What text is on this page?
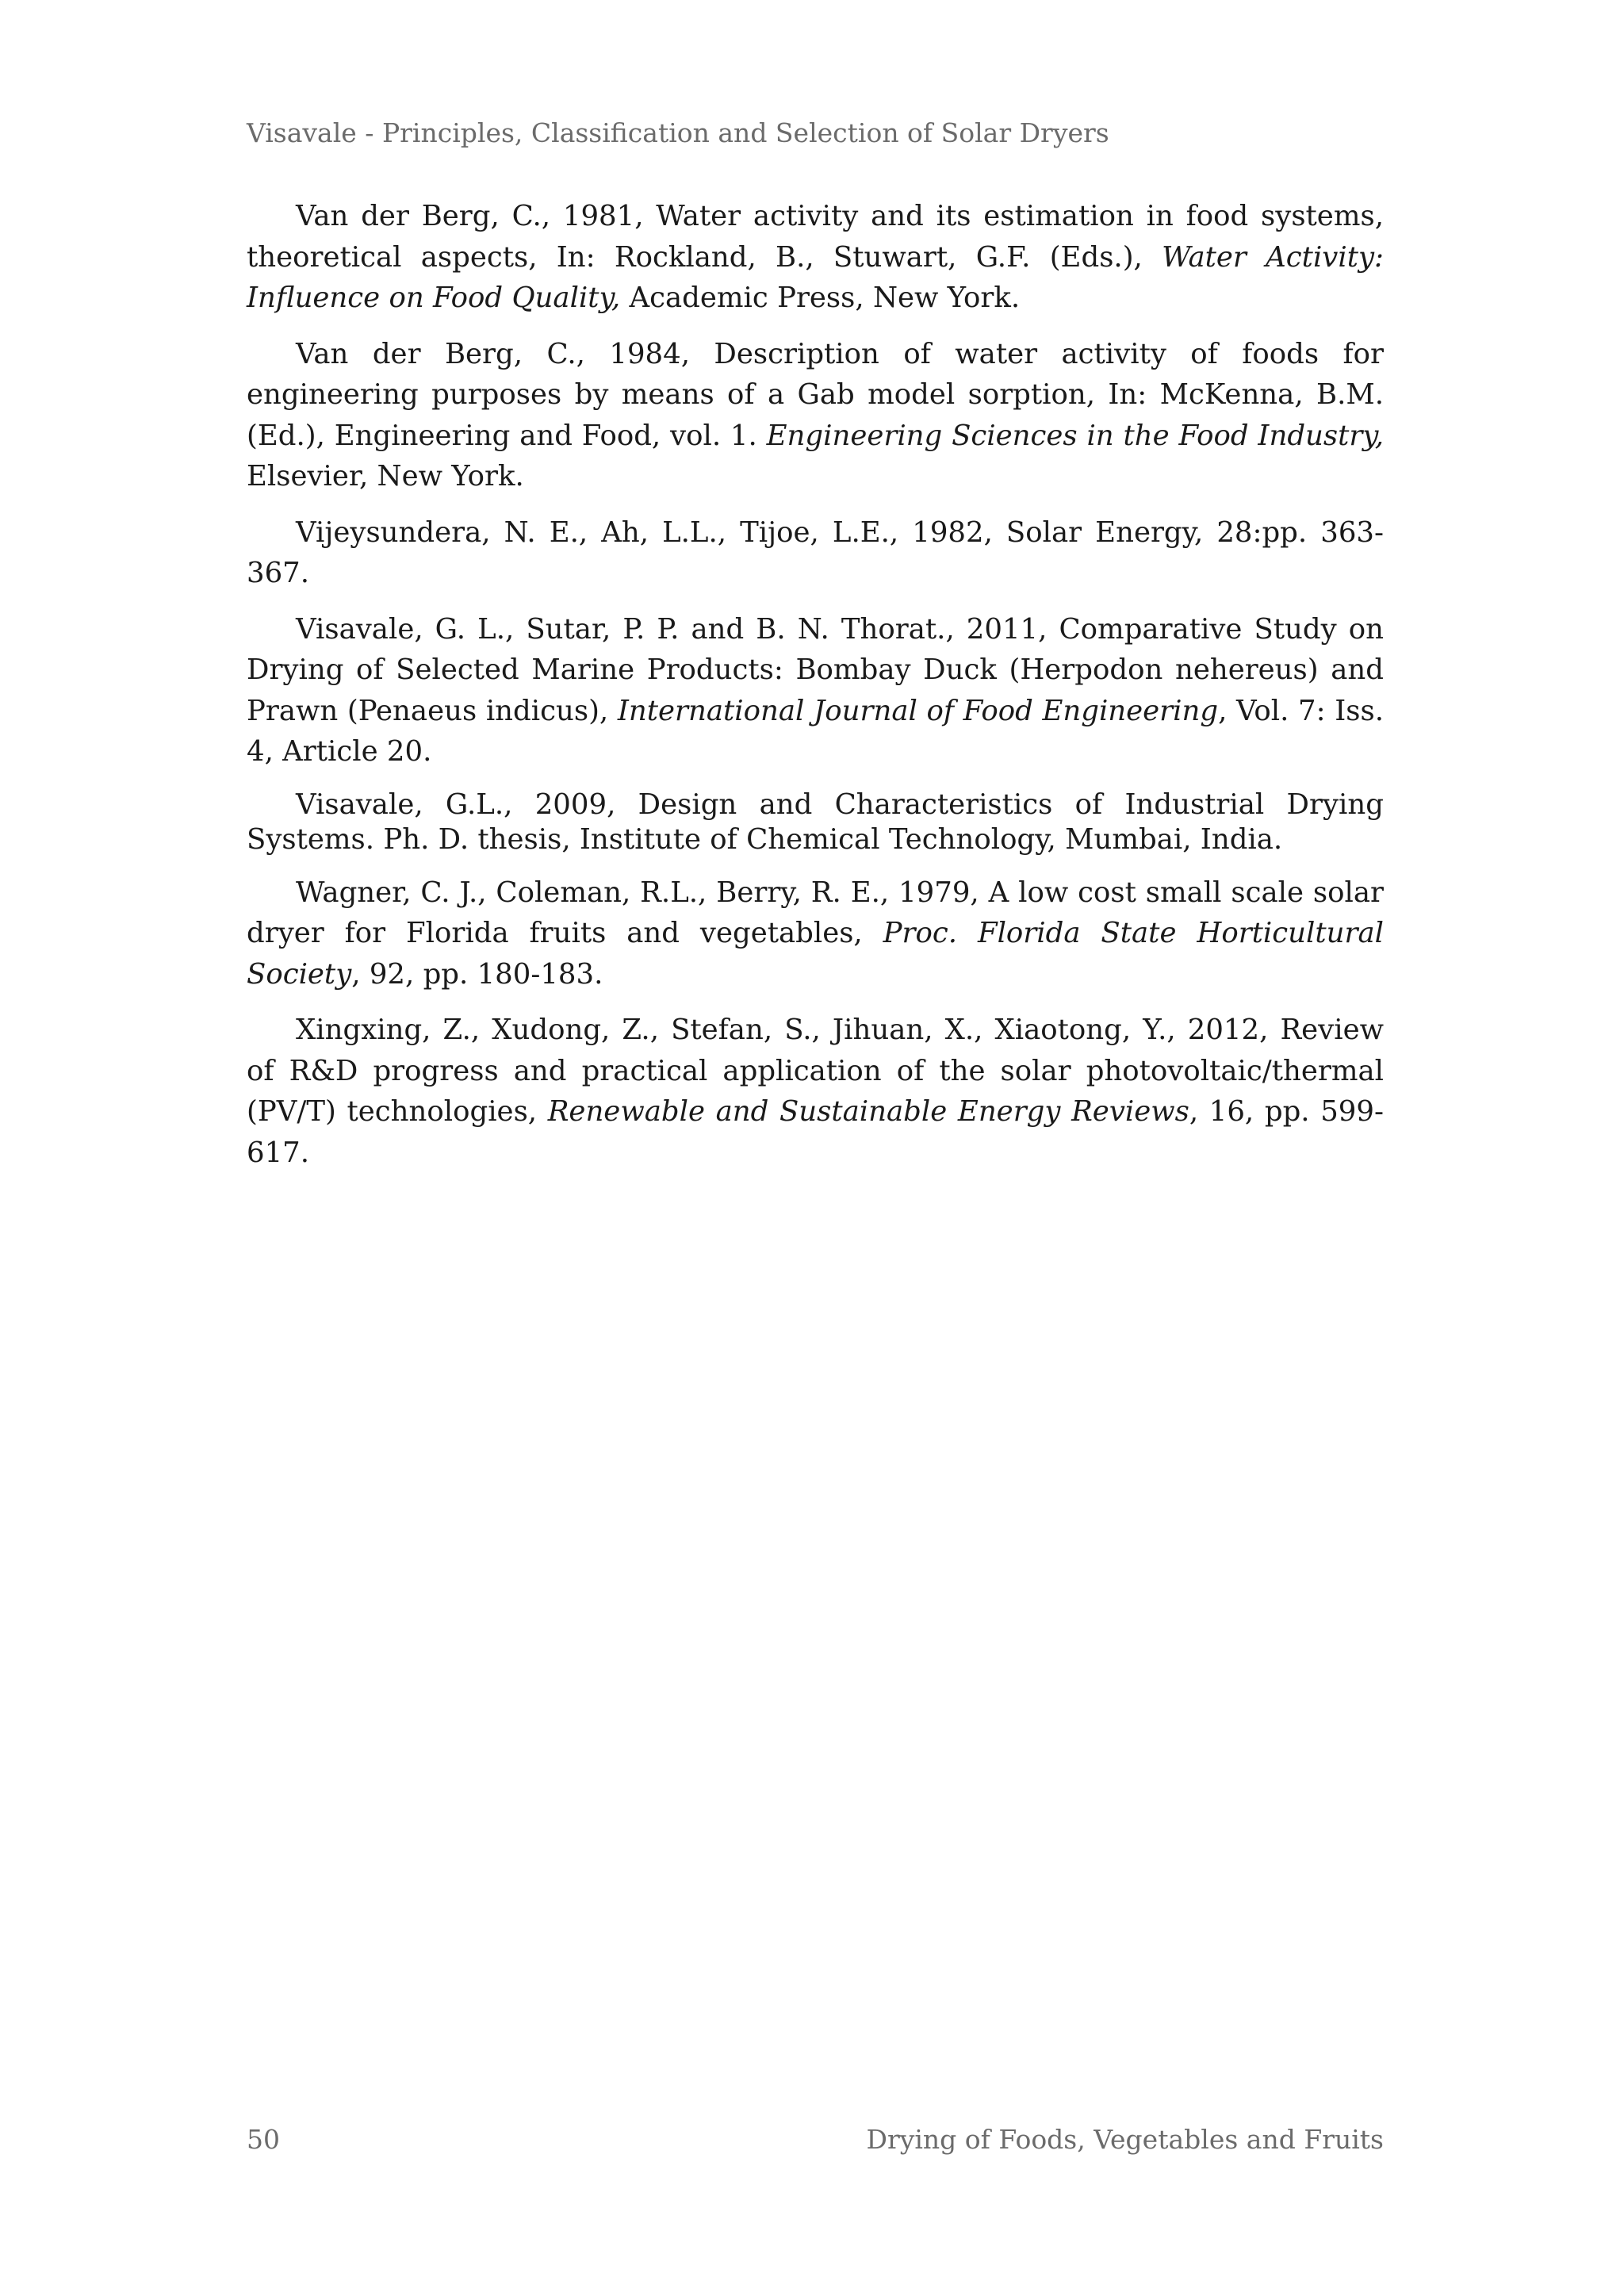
Visavale - Principles, Classification and Selection of Solar Dryers

Van der Berg, C., 1981, Water activity and its estimation in food systems, theoretical aspects, In: Rockland, B., Stuwart, G.F. (Eds.), Water Activity: Influence on Food Quality, Academic Press, New York.

Van der Berg, C., 1984, Description of water activity of foods for engineering purposes by means of a Gab model sorption, In: McKenna, B.M. (Ed.), Engineering and Food, vol. 1. Engineering Sciences in the Food Industry, Elsevier, New York.

Vijeysundera, N. E., Ah, L.L., Tijoe, L.E., 1982, Solar Energy, 28:pp. 363-367.

Visavale, G. L., Sutar, P. P. and B. N. Thorat., 2011, Comparative Study on Drying of Selected Marine Products: Bombay Duck (Herpodon nehereus) and Prawn (Penaeus indicus), International Journal of Food Engineering, Vol. 7: Iss. 4, Article 20.

Visavale, G.L., 2009, Design and Characteristics of Industrial Drying Systems. Ph. D. thesis, Institute of Chemical Technology, Mumbai, India.

Wagner, C. J., Coleman, R.L., Berry, R. E., 1979, A low cost small scale solar dryer for Florida fruits and vegetables, Proc. Florida State Horticultural Society, 92, pp. 180-183.

Xingxing, Z., Xudong, Z., Stefan, S., Jihuan, X., Xiaotong, Y., 2012, Review of R&D progress and practical application of the solar photovoltaic/thermal (PV/T) technologies, Renewable and Sustainable Energy Reviews, 16, pp. 599-617.

50	Drying of Foods, Vegetables and Fruits
